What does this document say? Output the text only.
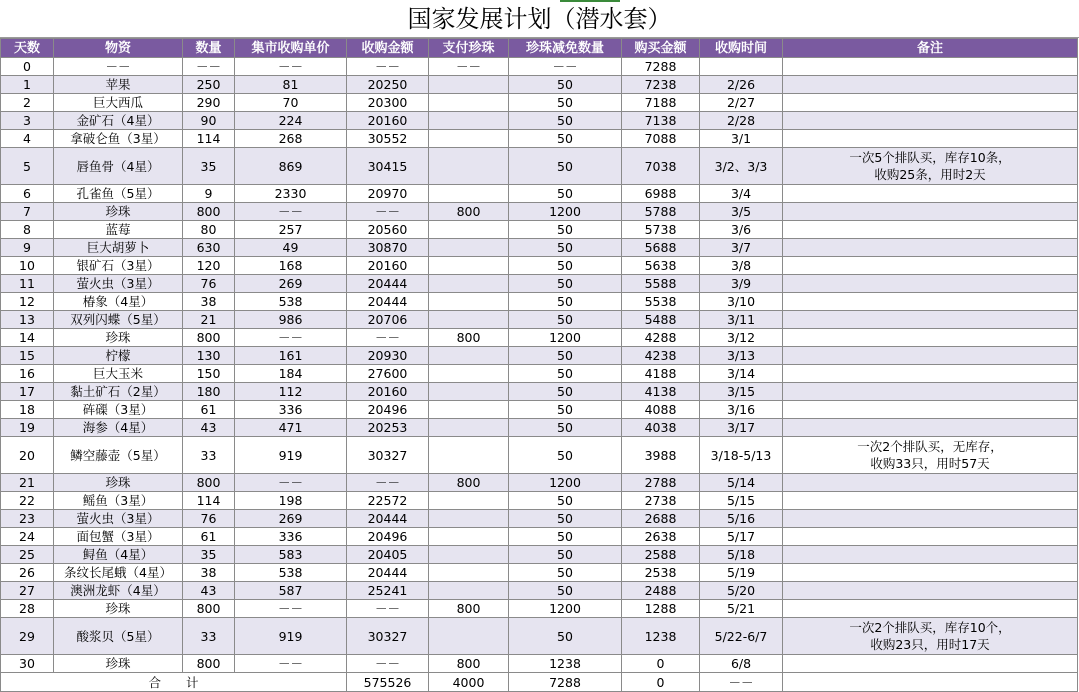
国家发展计划（潜水套）
天数	物资	数量	集市收购单价	收购金额	支付珍珠	珍珠减免数量	购买金额	收购时间	备注
0	－－	－－	－－	－－	－－	－－	7288		
1	苹果	250	81	20250		50	7238	2/26	
2	巨大西瓜	290	70	20300		50	7188	2/27	
3	金矿石（4星）	90	224	20160		50	7138	2/28	
4	拿破仑鱼（3星）	114	268	30552		50	7088	3/1	
5	唇鱼骨（4星）	35	869	30415		50	7038	3/2、3/3	一次5个排队买，库存10条，
收购25条，用时2天
6	孔雀鱼（5星）	9	2330	20970		50	6988	3/4	
7	珍珠	800	－－	－－	800	1200	5788	3/5	
8	蓝莓	80	257	20560		50	5738	3/6	
9	巨大胡萝卜	630	49	30870		50	5688	3/7	
10	银矿石（3星）	120	168	20160		50	5638	3/8	
11	萤火虫（3星）	76	269	20444		50	5588	3/9	
12	椿象（4星）	38	538	20444		50	5538	3/10	
13	双列闪蝶（5星）	21	986	20706		50	5488	3/11	
14	珍珠	800	－－	－－	800	1200	4288	3/12	
15	柠檬	130	161	20930		50	4238	3/13	
16	巨大玉米	150	184	27600		50	4188	3/14	
17	黏土矿石（2星）	180	112	20160		50	4138	3/15	
18	砗磲（3星）	61	336	20496		50	4088	3/16	
19	海参（4星）	43	471	20253		50	4038	3/17	
20	鳞空藤壶（5星）	33	919	30327		50	3988	3/18-5/13	一次2个排队买，无库存，
收购33只，用时57天
21	珍珠	800	－－	－－	800	1200	2788	5/14	
22	鳐鱼（3星）	114	198	22572		50	2738	5/15	
23	萤火虫（3星）	76	269	20444		50	2688	5/16	
24	面包蟹（3星）	61	336	20496		50	2638	5/17	
25	鲟鱼（4星）	35	583	20405		50	2588	5/18	
26	条纹长尾蛾（4星）	38	538	20444		50	2538	5/19	
27	澳洲龙虾（4星）	43	587	25241		50	2488	5/20	
28	珍珠	800	－－	－－	800	1200	1288	5/21	
29	酸浆贝（5星）	33	919	30327		50	1238	5/22-6/7	一次2个排队买，库存10个，
收购23只，用时17天
30	珍珠	800	－－	－－	800	1238	0	6/8	
合　　计				575526	4000	7288	0	－－	
